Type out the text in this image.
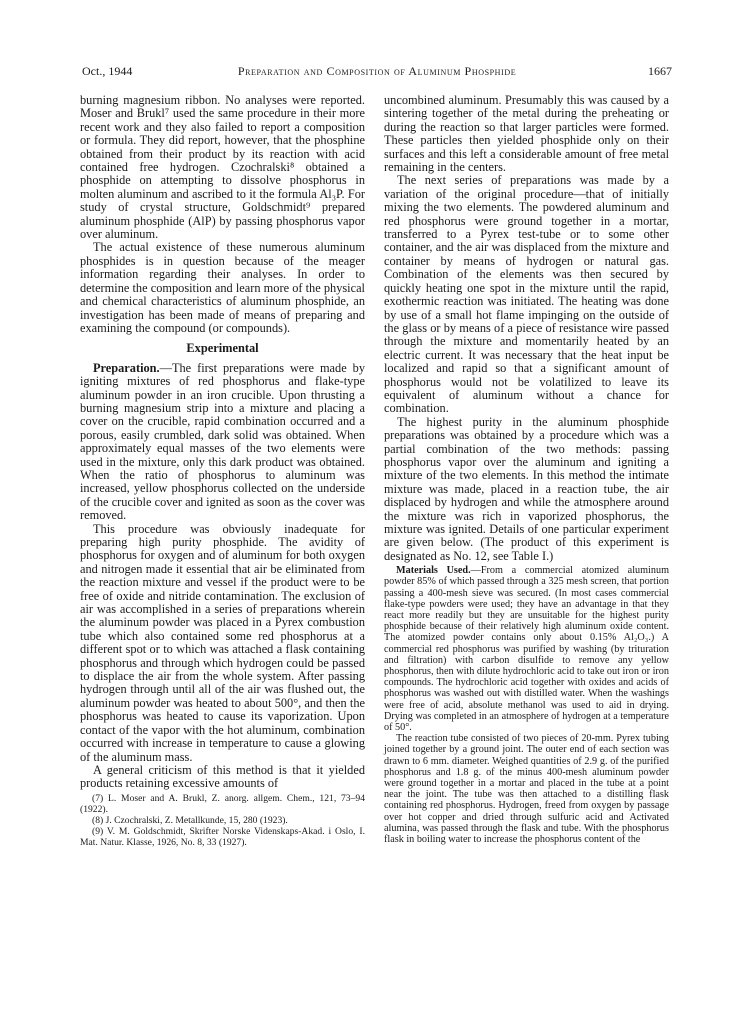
Oct., 1944	Preparation and Composition of Aluminum Phosphide	1667

burning magnesium ribbon. No analyses were reported. Moser and Brukl⁷ used the same procedure in their more recent work and they also failed to report a composition or formula. They did report, however, that the phosphine obtained from their product by its reaction with acid contained free hydrogen. Czochralski⁸ obtained a phosphide on attempting to dissolve phosphorus in molten aluminum and ascribed to it the formula Al₃P. For study of crystal structure, Goldschmidt⁹ prepared aluminum phosphide (AlP) by passing phosphorus vapor over aluminum.

The actual existence of these numerous aluminum phosphides is in question because of the meager information regarding their analyses. In order to determine the composition and learn more of the physical and chemical characteristics of aluminum phosphide, an investigation has been made of means of preparing and examining the compound (or compounds).

Experimental

Preparation.—The first preparations were made by igniting mixtures of red phosphorus and flake-type aluminum powder in an iron crucible. Upon thrusting a burning magnesium strip into a mixture and placing a cover on the crucible, rapid combination occurred and a porous, easily crumbled, dark solid was obtained. When approximately equal masses of the two elements were used in the mixture, only this dark product was obtained. When the ratio of phosphorus to aluminum was increased, yellow phosphorus collected on the underside of the crucible cover and ignited as soon as the cover was removed.

This procedure was obviously inadequate for preparing high purity phosphide. The avidity of phosphorus for oxygen and of aluminum for both oxygen and nitrogen made it essential that air be eliminated from the reaction mixture and vessel if the product were to be free of oxide and nitride contamination. The exclusion of air was accomplished in a series of preparations wherein the aluminum powder was placed in a Pyrex combustion tube which also contained some red phosphorus at a different spot or to which was attached a flask containing phosphorus and through which hydrogen could be passed to displace the air from the whole system. After passing hydrogen through until all of the air was flushed out, the aluminum powder was heated to about 500°, and then the phosphorus was heated to cause its vaporization. Upon contact of the vapor with the hot aluminum, combination occurred with increase in temperature to cause a glowing of the aluminum mass.

A general criticism of this method is that it yielded products retaining excessive amounts of

(7) L. Moser and A. Brukl, Z. anorg. allgem. Chem., 121, 73–94 (1922).

(8) J. Czochralski, Z. Metallkunde, 15, 280 (1923).

(9) V. M. Goldschmidt, Skrifter Norske Videnskaps-Akad. i Oslo, I. Mat. Natur. Klasse, 1926, No. 8, 33 (1927).

uncombined aluminum. Presumably this was caused by a sintering together of the metal during the preheating or during the reaction so that larger particles were formed. These particles then yielded phosphide only on their surfaces and this left a considerable amount of free metal remaining in the centers.

The next series of preparations was made by a variation of the original procedure—that of initially mixing the two elements. The powdered aluminum and red phosphorus were ground together in a mortar, transferred to a Pyrex test-tube or to some other container, and the air was displaced from the mixture and container by means of hydrogen or natural gas. Combination of the elements was then secured by quickly heating one spot in the mixture until the rapid, exothermic reaction was initiated. The heating was done by use of a small hot flame impinging on the outside of the glass or by means of a piece of resistance wire passed through the mixture and momentarily heated by an electric current. It was necessary that the heat input be localized and rapid so that a significant amount of phosphorus would not be volatilized to leave its equivalent of aluminum without a chance for combination.

The highest purity in the aluminum phosphide preparations was obtained by a procedure which was a partial combination of the two methods: passing phosphorus vapor over the aluminum and igniting a mixture of the two elements. In this method the intimate mixture was made, placed in a reaction tube, the air displaced by hydrogen and while the atmosphere around the mixture was rich in vaporized phosphorus, the mixture was ignited. Details of one particular experiment are given below. (The product of this experiment is designated as No. 12, see Table I.)

Materials Used.—From a commercial atomized aluminum powder 85% of which passed through a 325 mesh screen, that portion passing a 400-mesh sieve was secured. (In most cases commercial flake-type powders were used; they have an advantage in that they react more readily but they are unsuitable for the highest purity phosphide because of their relatively high aluminum oxide content. The atomized powder contains only about 0.15% Al₂O₃.) A commercial red phosphorus was purified by washing (by trituration and filtration) with carbon disulfide to remove any yellow phosphorus, then with dilute hydrochloric acid to take out iron or iron compounds. The hydrochloric acid together with oxides and acids of phosphorus was washed out with distilled water. When the washings were free of acid, absolute methanol was used to aid in drying. Drying was completed in an atmosphere of hydrogen at a temperature of 50°.

The reaction tube consisted of two pieces of 20-mm. Pyrex tubing joined together by a ground joint. The outer end of each section was drawn to 6 mm. diameter. Weighed quantities of 2.9 g. of the purified phosphorus and 1.8 g. of the minus 400-mesh aluminum powder were ground together in a mortar and placed in the tube at a point near the joint. The tube was then attached to a distilling flask containing red phosphorus. Hydrogen, freed from oxygen by passage over hot copper and dried through sulfuric acid and Activated alumina, was passed through the flask and tube. With the phosphorus flask in boiling water to increase the phosphorus content of the
